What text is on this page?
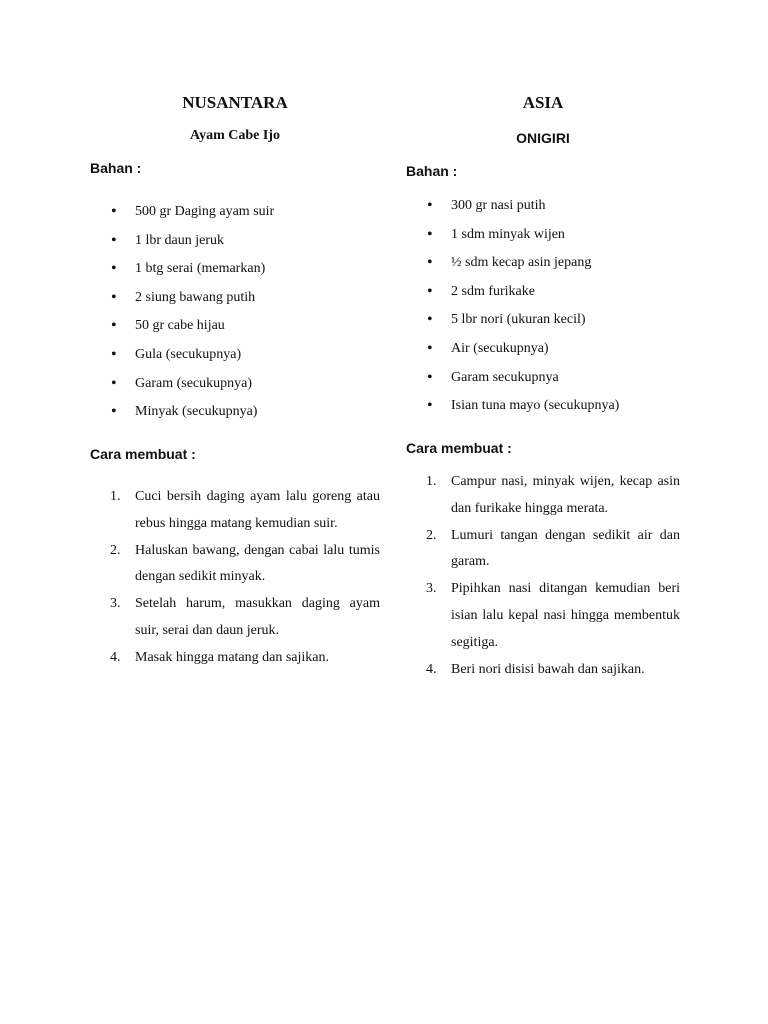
NUSANTARA
Ayam Cabe Ijo
Bahan :
• 500 gr Daging ayam suir
• 1 lbr daun jeruk
• 1 btg serai (memarkan)
• 2 siung bawang putih
• 50 gr cabe hijau
• Gula (secukupnya)
• Garam (secukupnya)
• Minyak (secukupnya)
Cara membuat :
1. Cuci bersih daging ayam lalu goreng atau rebus hingga matang kemudian suir.
2. Haluskan bawang, dengan cabai lalu tumis dengan sedikit minyak.
3. Setelah harum, masukkan daging ayam suir, serai dan daun jeruk.
4. Masak hingga matang dan sajikan.
ASIA
ONIGIRI
Bahan :
• 300 gr nasi putih
• 1 sdm minyak wijen
• ½ sdm kecap asin jepang
• 2 sdm furikake
• 5 lbr nori (ukuran kecil)
• Air (secukupnya)
• Garam secukupnya
• Isian tuna mayo (secukupnya)
Cara membuat :
1. Campur nasi, minyak wijen, kecap asin dan furikake hingga merata.
2. Lumuri tangan dengan sedikit air dan garam.
3. Pipihkan nasi ditangan kemudian beri isian lalu kepal nasi hingga membentuk segitiga.
4. Beri nori disisi bawah dan sajikan.
